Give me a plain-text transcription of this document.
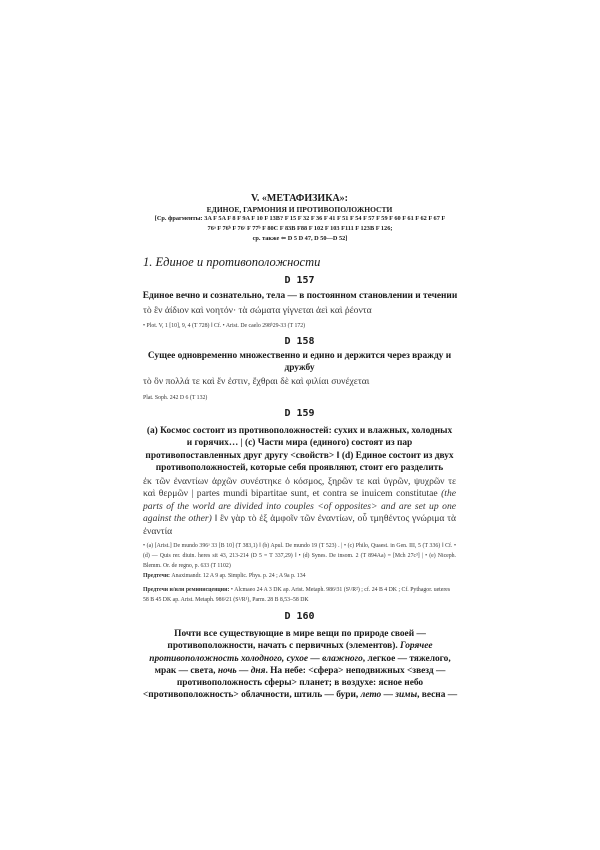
V. «МЕТАФИЗИКА»:
ЕДИНОЕ, ГАРМОНИЯ И ПРОТИВОПОЛОЖНОСТИ
[Ср. фрагменты: 3A F 5A F 8 F 9A F 10 F 13B? F 15 F 32 F 36 F 41 F 51 F 54 F 57 F 59 F 60 F 61 F 62 F 67 F
76ᵃ F 76ᵇ F 76ᶜ F 77ᵇ F 80C F 83B F88 F 102 F 103 F111 F 123B F 126;
ср. также ⇐ D 5 D 47, D 50—D 52]
1. Единое и противоположности
D 157
Единое вечно и сознательно, тела — в постоянном становлении и течении
τὸ ἓν ἀίδιον καὶ νοητόν· τὰ σώματα γίγνεται ἀεὶ καὶ ῥέοντα
• Plot. V, 1 [10], 9, 4 (T 728) ‖ Cf. • Arist. De caelo 298ᵇ29-33 (T 172)
D 158
Сущее одновременно множественно и едино и держится через вражду и дружбу
τὸ ὂν πολλά τε καὶ ἕν ἐστιν, ἔχθραι δὲ καὶ φιλίαι συνέχεται
Plat. Soph. 242 D 6 (T 132)
D 159
(a) Космос состоит из противоположностей: сухих и влажных, холодных и горячих… | (c) Части мира (единого) состоят из пар противопоставленных друг другу <свойств> ‖ (d) Единое состоит из двух противоположностей, которые себя проявляют, стоит его разделить
ἐκ τῶν ἐναντίων ἀρχῶν συνέστηκε ὁ κόσμος, ξηρῶν τε καὶ ὑγρῶν, ψυχρῶν τε καὶ θερμῶν | partes mundi bipartitae sunt, et contra se inuicem constitutae (the parts of the world are divided into couples <of opposites> and are set up one against the other) ‖ ἓν γὰρ τὸ ἐξ ἀμφοῖν τῶν ἐναντίων, οὗ τμηθέντος γνώριμα τὰ ἐναντία
• (a) [Arist.] De mundo 396ᵃ 33 [B 10] (T 383,1) ‖ (b) Apul. De mundo 19 (T 523) . | • (c) Philo, Quaest. in Gen. III, 5 (T 336) ‖ Cf. • (d) — Quis rer. diuin. heres sit 43, 213-214 (D 5 = T 337,29) ‖ • (d) Synes. De insom. 2 (T 894Aa) = [Mch 27c³] | • (e) Niceph. Blemm. Or. de regno, p. 633 (T 1102)
Предтечи: Anaximandr. 12 A 9 ap. Simplic. Phys. p. 24 ; A 9a p. 134
Предтечи и/или реминисценции: • Alcmaeo 24 A 3 DK ap. Arist. Metaph. 986ᵃ31 (S¹/R²) ; cf. 24 B 4 DK ; Cf. Pythagor. ueteres 58 B 45 DK ap. Arist. Metaph. 986ᵃ21 (S¹/R¹), Parm. 28 B 8,53–58 DK
D 160
Почти все существующие в мире вещи по природе своей — противоположности, начать с первичных (элементов). Горячее противоположность холодного, сухое — влажного, легкое — тяжелого, мрак — света, ночь — дня. На небе: <сфера> неподвижных <звезд — противоположность сферы> планет; в воздухе: ясное небо <противоположность> облачности, штиль — бури, лето — зимы, весна —
